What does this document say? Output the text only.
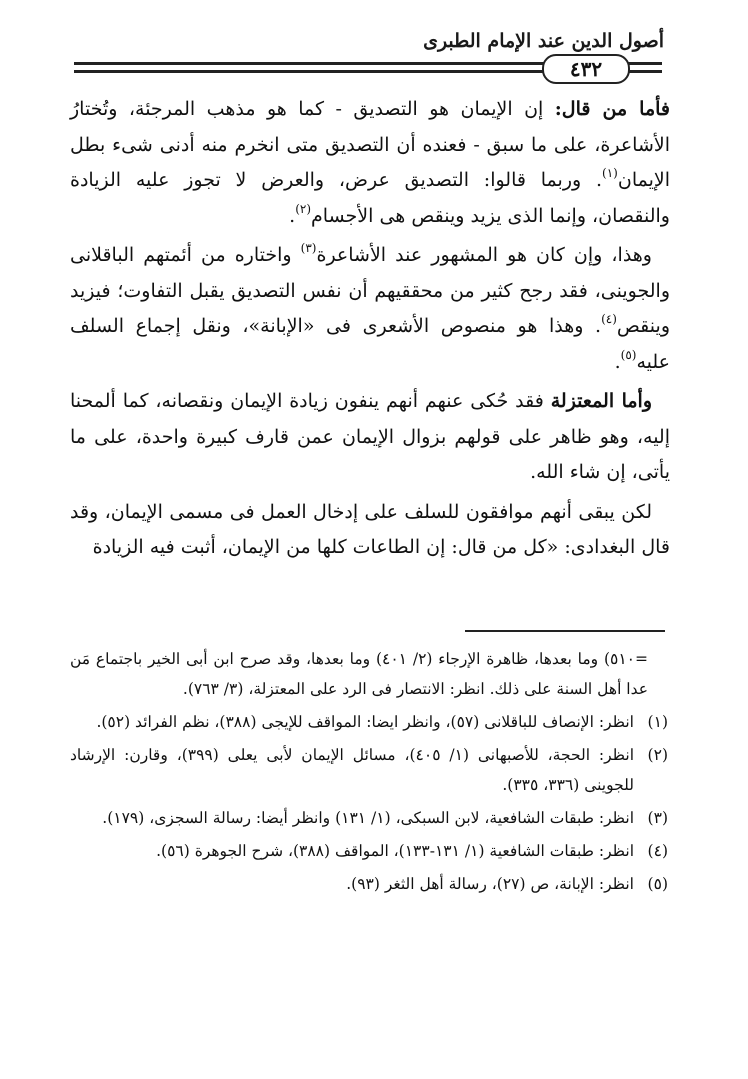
أصول الدين عند الإمام الطبرى
٤٣٢

فأما من قال: إن الإيمان هو التصديق - كما هو مذهب المرجئة، وتُختارُ الأشاعرة، على ما سبق - فعنده أن التصديق متى انخرم منه أدنى شىء بطل الإيمان$^{(١)}$. وربما قالوا: التصديق عرض، والعرض لا تجوز عليه الزيادة والنقصان، وإنما الذى يزيد وينقص هى الأجسام$^{(٢)}$.

وهذا، وإن كان هو المشهور عند الأشاعرة$^{(٣)}$ واختاره من أئمتهم الباقلانى والجوينى، فقد رجح كثير من محققيهم أن نفس التصديق يقبل التفاوت؛ فيزيد وينقص$^{(٤)}$. وهذا هو منصوص الأشعرى فى «الإبانة»، ونقل إجماع السلف عليه$^{(٥)}$.

وأما المعتزلة فقد حُكى عنهم أنهم ينفون زيادة الإيمان ونقصانه، كما ألمحنا إليه، وهو ظاهر على قولهم بزوال الإيمان عمن قارف كبيرة واحدة، على ما يأتى، إن شاء الله.

لكن يبقى أنهم موافقون للسلف على إدخال العمل فى مسمى الإيمان، وقد قال البغدادى: «كل من قال: إن الطاعات كلها من الإيمان، أثبت فيه الزيادة

=٥١٠) وما بعدها، ظاهرة الإرجاء (٢/ ٤٠١) وما بعدها، وقد صرح ابن أبى الخير باجتماع مَن عدا أهل السنة على ذلك. انظر: الانتصار فى الرد على المعتزلة، (٣/ ٧٦٣).
(١)
انظر: الإنصاف للباقلانى (٥٧)، وانظر ايضا: المواقف للإيجى (٣٨٨)، نظم الفرائد (٥٢).
(٢)
انظر: الحجة، للأصبهانى (١/ ٤٠٥)، مسائل الإيمان لأبى يعلى (٣٩٩)، وقارن: الإرشاد للجوينى (٣٣٦، ٣٣٥).
(٣)
انظر: طبقات الشافعية، لابن السبكى، (١/ ١٣١) وانظر أيضا: رسالة السجزى، (١٧٩).
(٤)
انظر: طبقات الشافعية (١/ ١٣١-١٣٣)، المواقف (٣٨٨)، شرح الجوهرة (٥٦).
(٥)
انظر: الإبانة، ص (٢٧)، رسالة أهل الثغر (٩٣).
